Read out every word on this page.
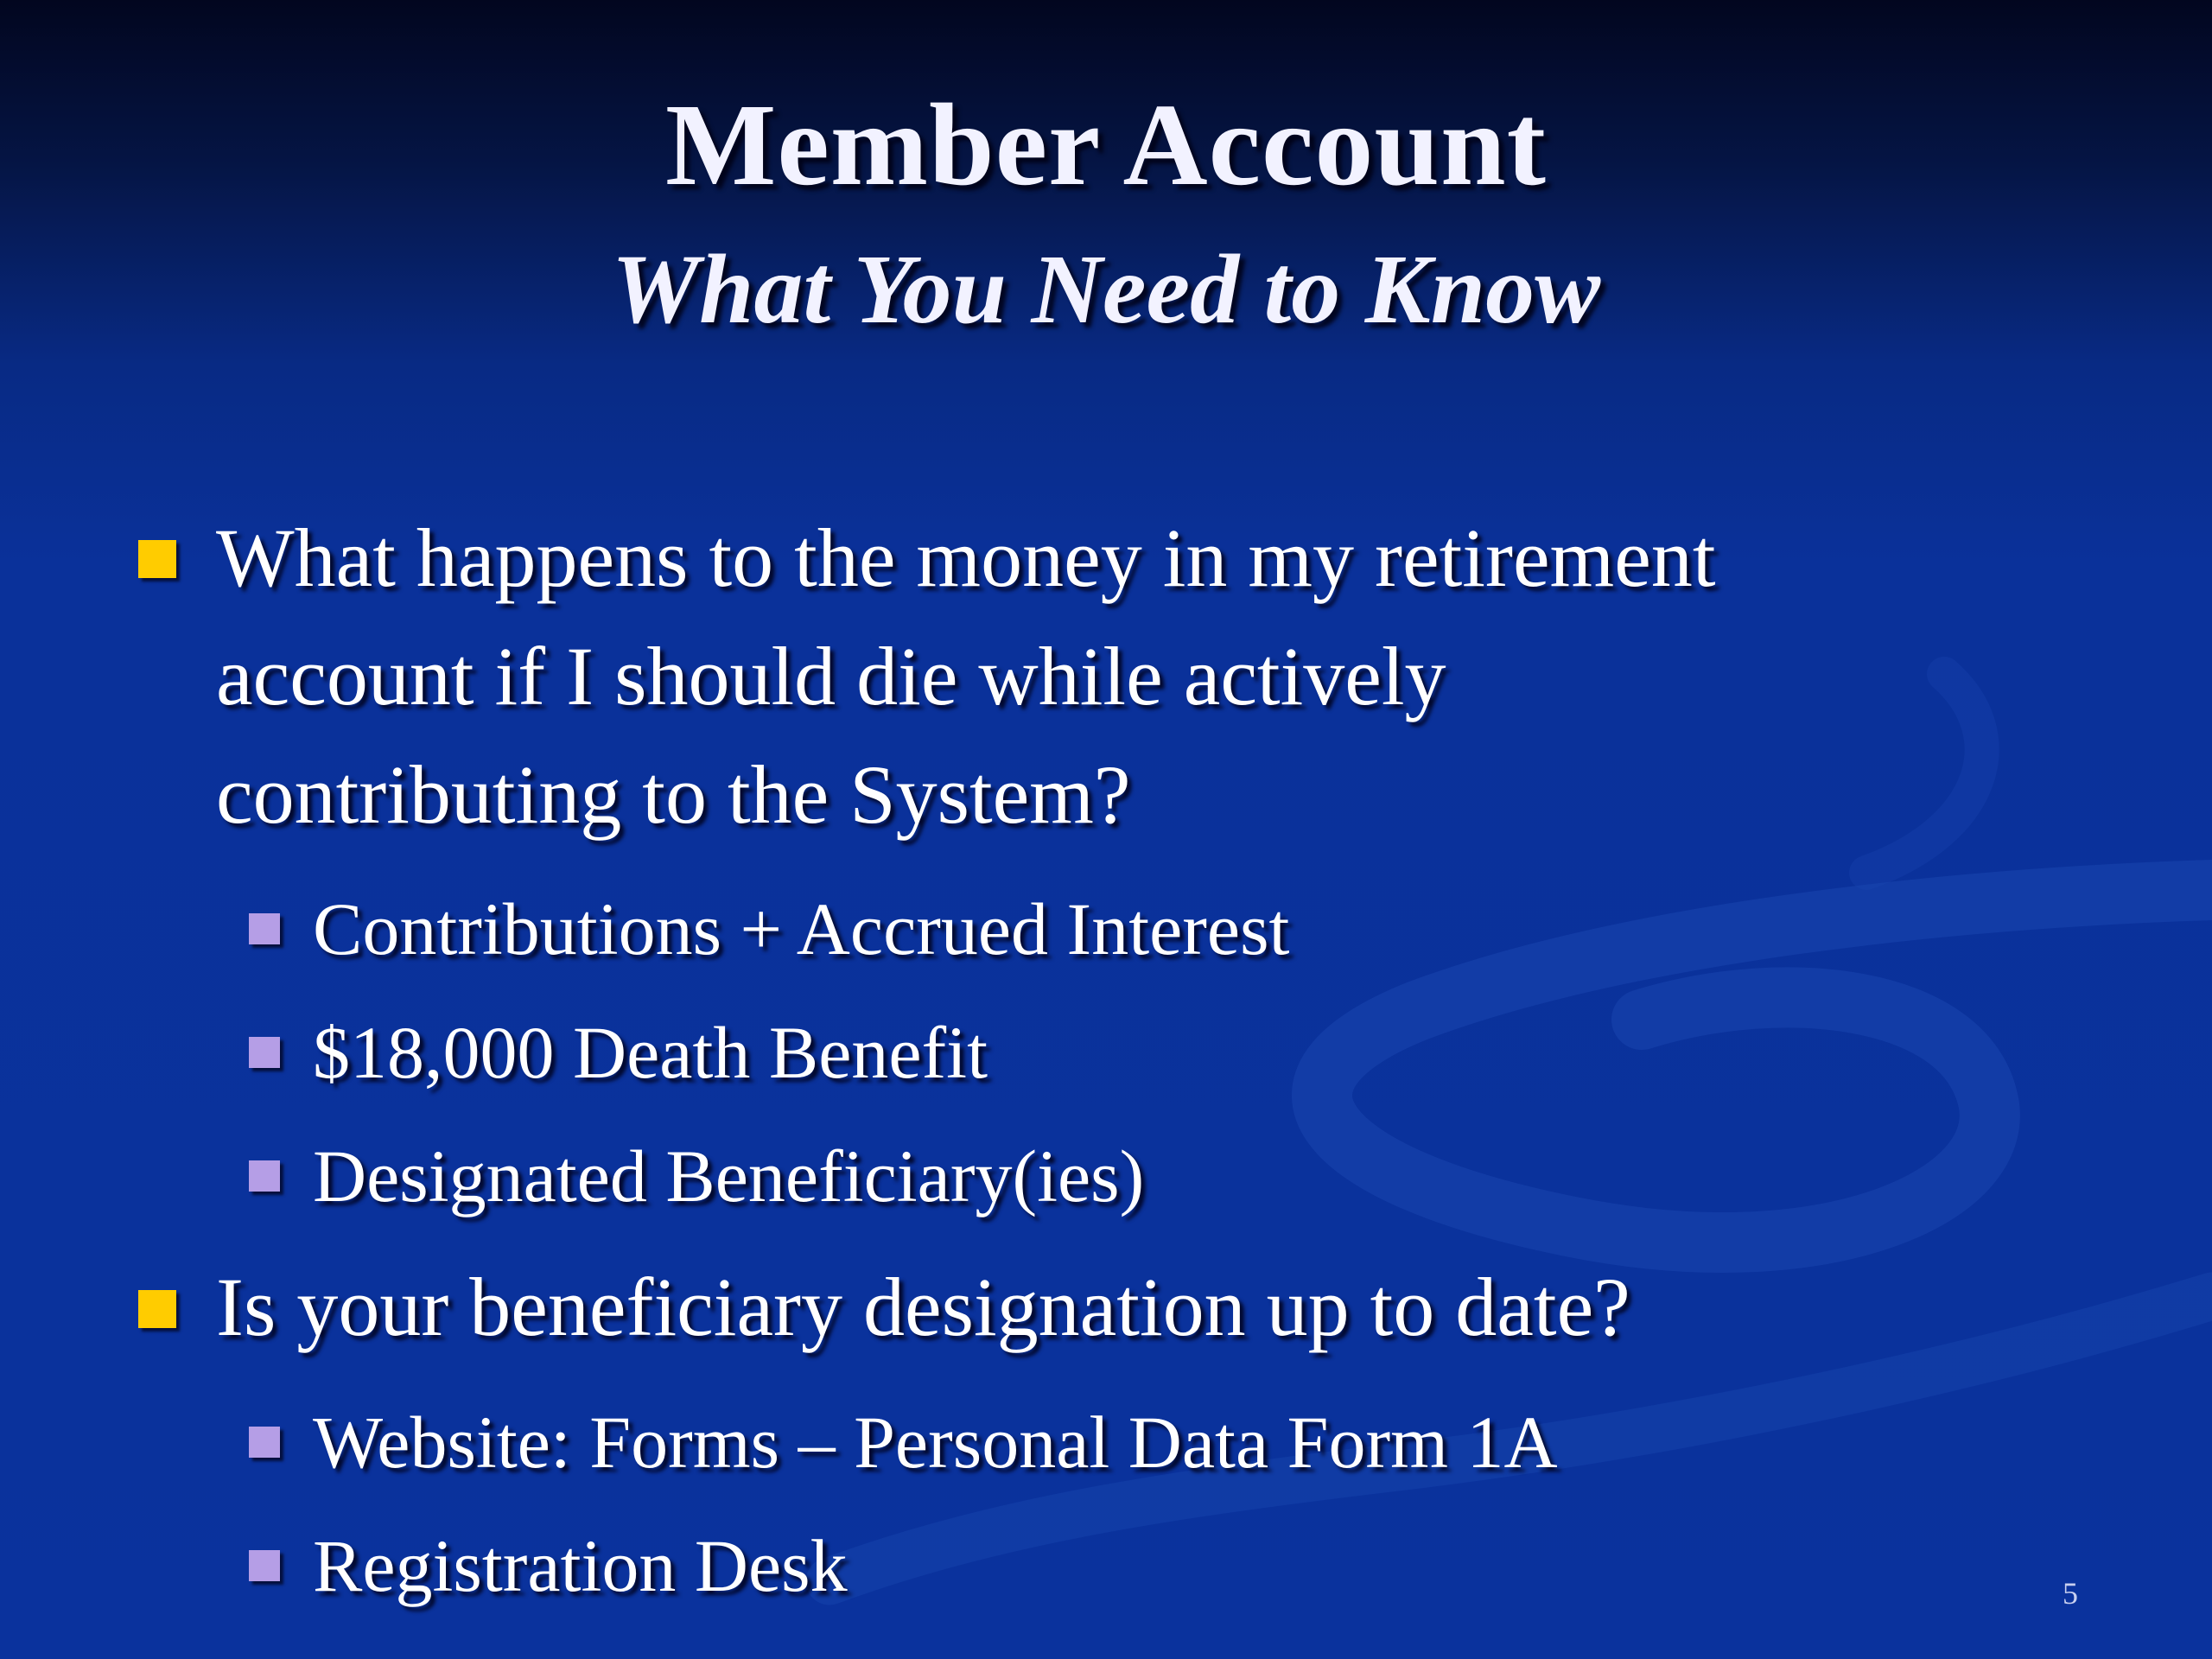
Member Account
What You Need to Know
What happens to the money in my retirement
account if I should die while actively
contributing to the System?
Contributions + Accrued Interest
$18,000 Death Benefit
Designated Beneficiary(ies)
Is your beneficiary designation up to date?
Website: Forms – Personal Data Form 1A
Registration Desk	5
